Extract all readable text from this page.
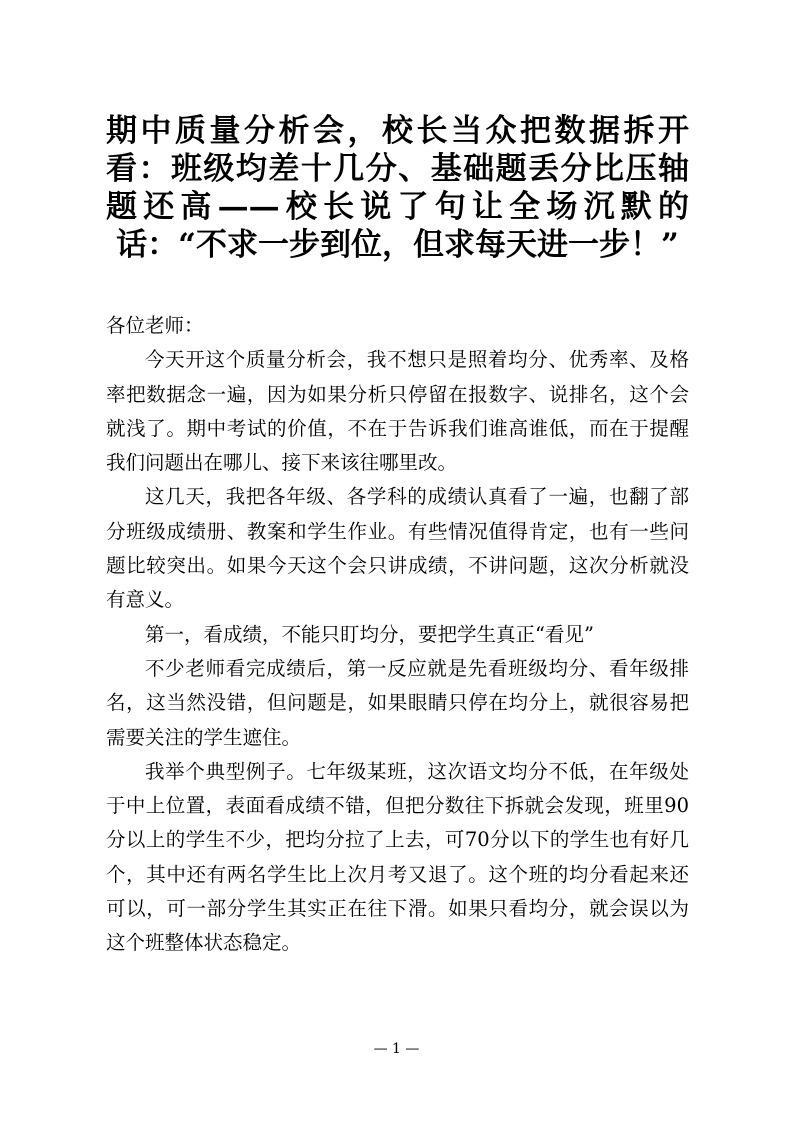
期中质量分析会，校长当众把数据拆开看：班级均差十几分、基础题丢分比压轴题还高——校长说了句让全场沉默的话：“不求一步到位，但求每天进一步！”

各位老师：

今天开这个质量分析会，我不想只是照着均分、优秀率、及格率把数据念一遍，因为如果分析只停留在报数字、说排名，这个会就浅了。期中考试的价值，不在于告诉我们谁高谁低，而在于提醒我们问题出在哪儿、接下来该往哪里改。

这几天，我把各年级、各学科的成绩认真看了一遍，也翻了部分班级成绩册、教案和学生作业。有些情况值得肯定，也有一些问题比较突出。如果今天这个会只讲成绩，不讲问题，这次分析就没有意义。

第一，看成绩，不能只盯均分，要把学生真正“看见”

不少老师看完成绩后，第一反应就是先看班级均分、看年级排名，这当然没错，但问题是，如果眼睛只停在均分上，就很容易把需要关注的学生遮住。

我举个典型例子。七年级某班，这次语文均分不低，在年级处于中上位置，表面看成绩不错，但把分数往下拆就会发现，班里90分以上的学生不少，把均分拉了上去，可70分以下的学生也有好几个，其中还有两名学生比上次月考又退了。这个班的均分看起来还可以，可一部分学生其实正在往下滑。如果只看均分，就会误以为这个班整体状态稳定。

— 1 —
